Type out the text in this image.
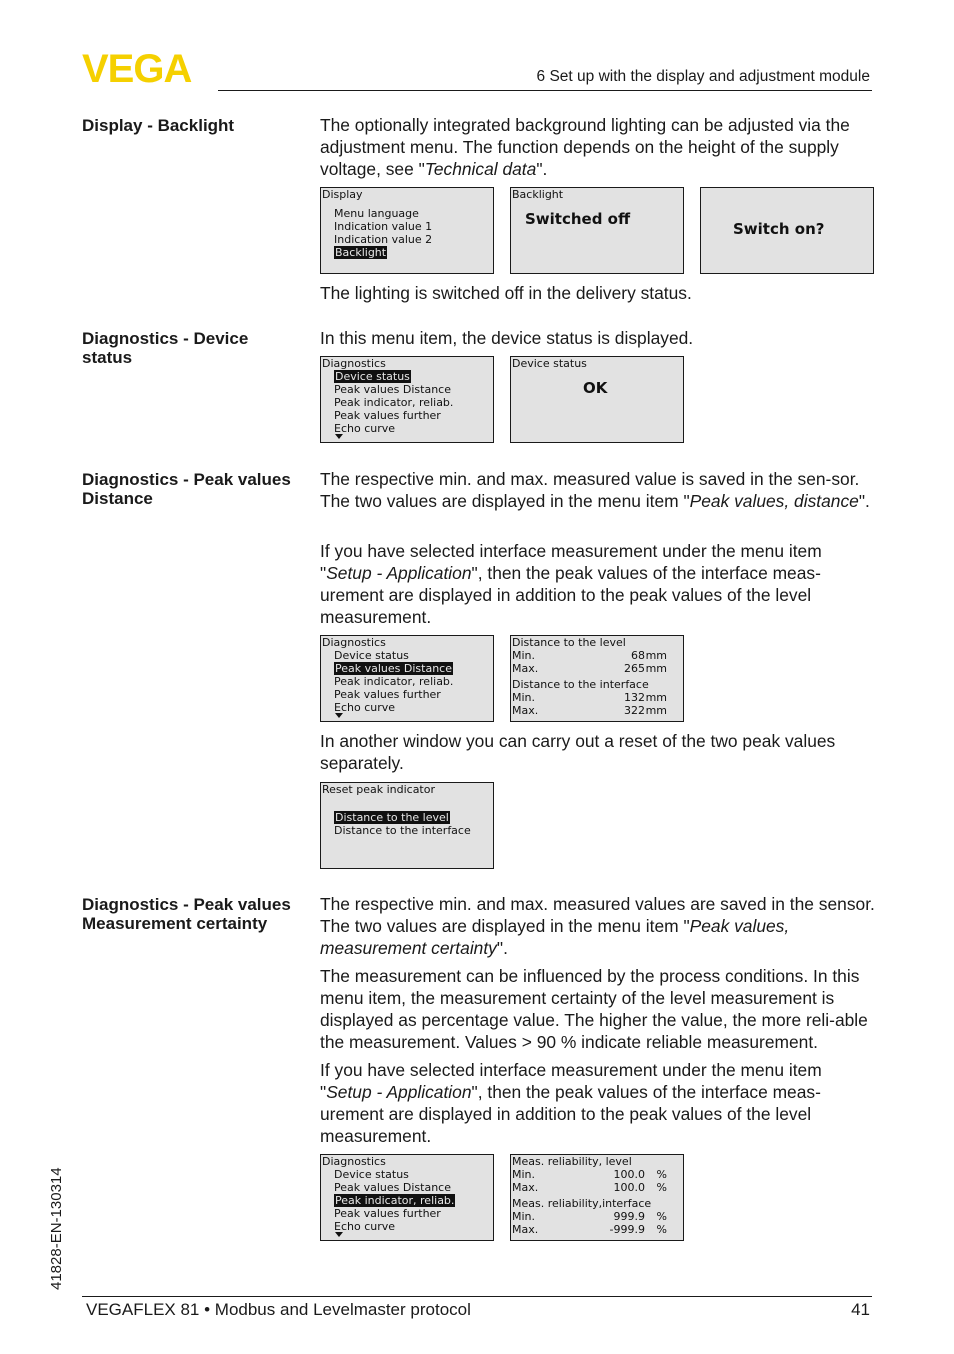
VEGA	6 Set up with the display and adjustment module
Display - Backlight	The optionally integrated background lighting can be adjusted via the adjustment menu. The function depends on the height of the supply voltage, see "Technical data".
Display
Menu language
Indication value 1
Indication value 2
Backlight
Backlight
Switched off
Switch on?
The lighting is switched off in the delivery status.
Diagnostics - Device status
In this menu item, the device status is displayed.
Diagnostics
Device status
Peak values Distance
Peak indicator, reliab.
Peak values further
Echo curve
Device status
OK
Diagnostics - Peak values Distance
The respective min. and max. measured value is saved in the sen-sor. The two values are displayed in the menu item "Peak values, distance".
If you have selected interface measurement under the menu item "Setup - Application", then the peak values of the interface meas-urement are displayed in addition to the peak values of the level measurement.
Diagnostics
Device status
Peak values Distance
Peak indicator, reliab.
Peak values further
Echo curve
Distance to the level
Min.	68 mm
Max.	265 mm
Distance to the interface
Min.	132 mm
Max.	322 mm
In another window you can carry out a reset of the two peak values separately.
Reset peak indicator
Distance to the level
Distance to the interface
Diagnostics - Peak values Measurement certainty
The respective min. and max. measured values are saved in the sensor. The two values are displayed in the menu item "Peak values, measurement certainty".
The measurement can be influenced by the process conditions. In this menu item, the measurement certainty of the level measurement is displayed as percentage value. The higher the value, the more reli-able the measurement. Values > 90 % indicate reliable measurement.
If you have selected interface measurement under the menu item "Setup - Application", then the peak values of the interface meas-urement are displayed in addition to the peak values of the level measurement.
Diagnostics
Device status
Peak values Distance
Peak indicator, reliab.
Peak values further
Echo curve
Meas. reliability, level
Min.	100.0 %
Max.	100.0 %
Meas. reliability,interface
Min.	999.9 %
Max.	-999.9 %
41828-EN-130314
VEGAFLEX 81 • Modbus and Levelmaster protocol	41
